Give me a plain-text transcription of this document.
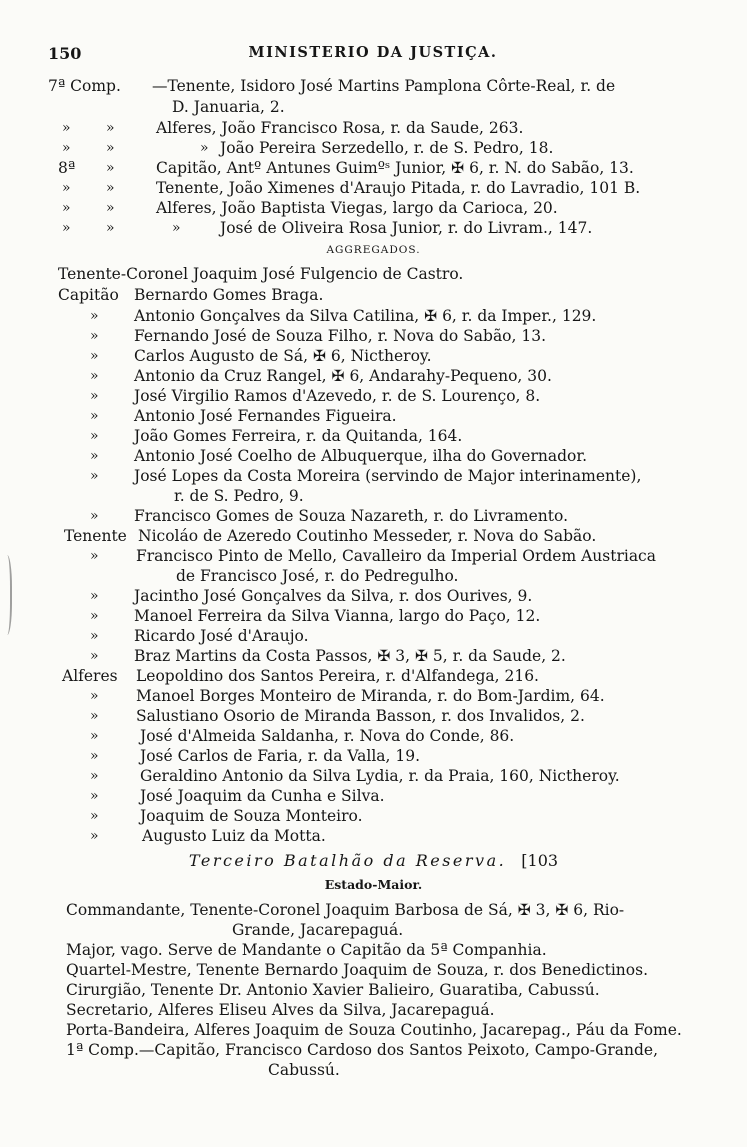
150	MINISTERIO DA JUSTIÇA.
7ª Comp. —Tenente, Isidoro José Martins Pamplona Côrte-Real, r. de
D. Januaria, 2.
»	»	Alferes, João Francisco Rosa, r. da Saude, 263.
»	»	» João Pereira Serzedello, r. de S. Pedro, 18.
8ª »	Capitão, Antº Antunes Guimºˢ Junior, ✠ 6, r. N. do Sabão, 13.
»	»	Tenente, João Ximenes d'Araujo Pitada, r. do Lavradio, 101 B.
»	»	Alferes, João Baptista Viegas, largo da Carioca, 20.
»	»	»	José de Oliveira Rosa Junior, r. do Livram., 147.
AGGREGADOS.
Tenente-Coronel Joaquim José Fulgencio de Castro.
Capitão Bernardo Gomes Braga.
» Antonio Gonçalves da Silva Catilina, ✠ 6, r. da Imper., 129.
» Fernando José de Souza Filho, r. Nova do Sabão, 13.
» Carlos Augusto de Sá, ✠ 6, Nictheroy.
» Antonio da Cruz Rangel, ✠ 6, Andarahy-Pequeno, 30.
» José Virgilio Ramos d'Azevedo, r. de S. Lourenço, 8.
» Antonio José Fernandes Figueira.
» João Gomes Ferreira, r. da Quitanda, 164.
» Antonio José Coelho de Albuquerque, ilha do Governador.
» José Lopes da Costa Moreira (servindo de Major interinamente),
r. de S. Pedro, 9.
» Francisco Gomes de Souza Nazareth, r. do Livramento.
Tenente Nicoláo de Azeredo Coutinho Messeder, r. Nova do Sabão.
» Francisco Pinto de Mello, Cavalleiro da Imperial Ordem Austriaca
de Francisco José, r. do Pedregulho.
» Jacintho José Gonçalves da Silva, r. dos Ourives, 9.
» Manoel Ferreira da Silva Vianna, largo do Paço, 12.
» Ricardo José d'Araujo.
» Braz Martins da Costa Passos, ✠ 3, ✠ 5, r. da Saude, 2.
Alferes Leopoldino dos Santos Pereira, r. d'Alfandega, 216.
» Manoel Borges Monteiro de Miranda, r. do Bom-Jardim, 64.
» Salustiano Osorio de Miranda Basson, r. dos Invalidos, 2.
»	José d'Almeida Saldanha, r. Nova do Conde, 86.
»	José Carlos de Faria, r. da Valla, 19.
»	Geraldino Antonio da Silva Lydia, r. da Praia, 160, Nictheroy.
»	José Joaquim da Cunha e Silva.
»	Joaquim de Souza Monteiro.
»	Augusto Luiz da Motta.
Terceiro Batalhão da Reserva. [103
Estado-Maior.
Commandante, Tenente-Coronel Joaquim Barbosa de Sá, ✠ 3, ✠ 6, Rio-
Grande, Jacarepaguá.
Major, vago. Serve de Mandante o Capitão da 5ª Companhia.
Quartel-Mestre, Tenente Bernardo Joaquim de Souza, r. dos Benedictinos.
Cirurgião, Tenente Dr. Antonio Xavier Balieiro, Guaratiba, Cabussú.
Secretario, Alferes Eliseu Alves da Silva, Jacarepaguá.
Porta-Bandeira, Alferes Joaquim de Souza Coutinho, Jacarepag., Páu da Fome.
1ª Comp.—Capitão, Francisco Cardoso dos Santos Peixoto, Campo-Grande,
Cabussú.
